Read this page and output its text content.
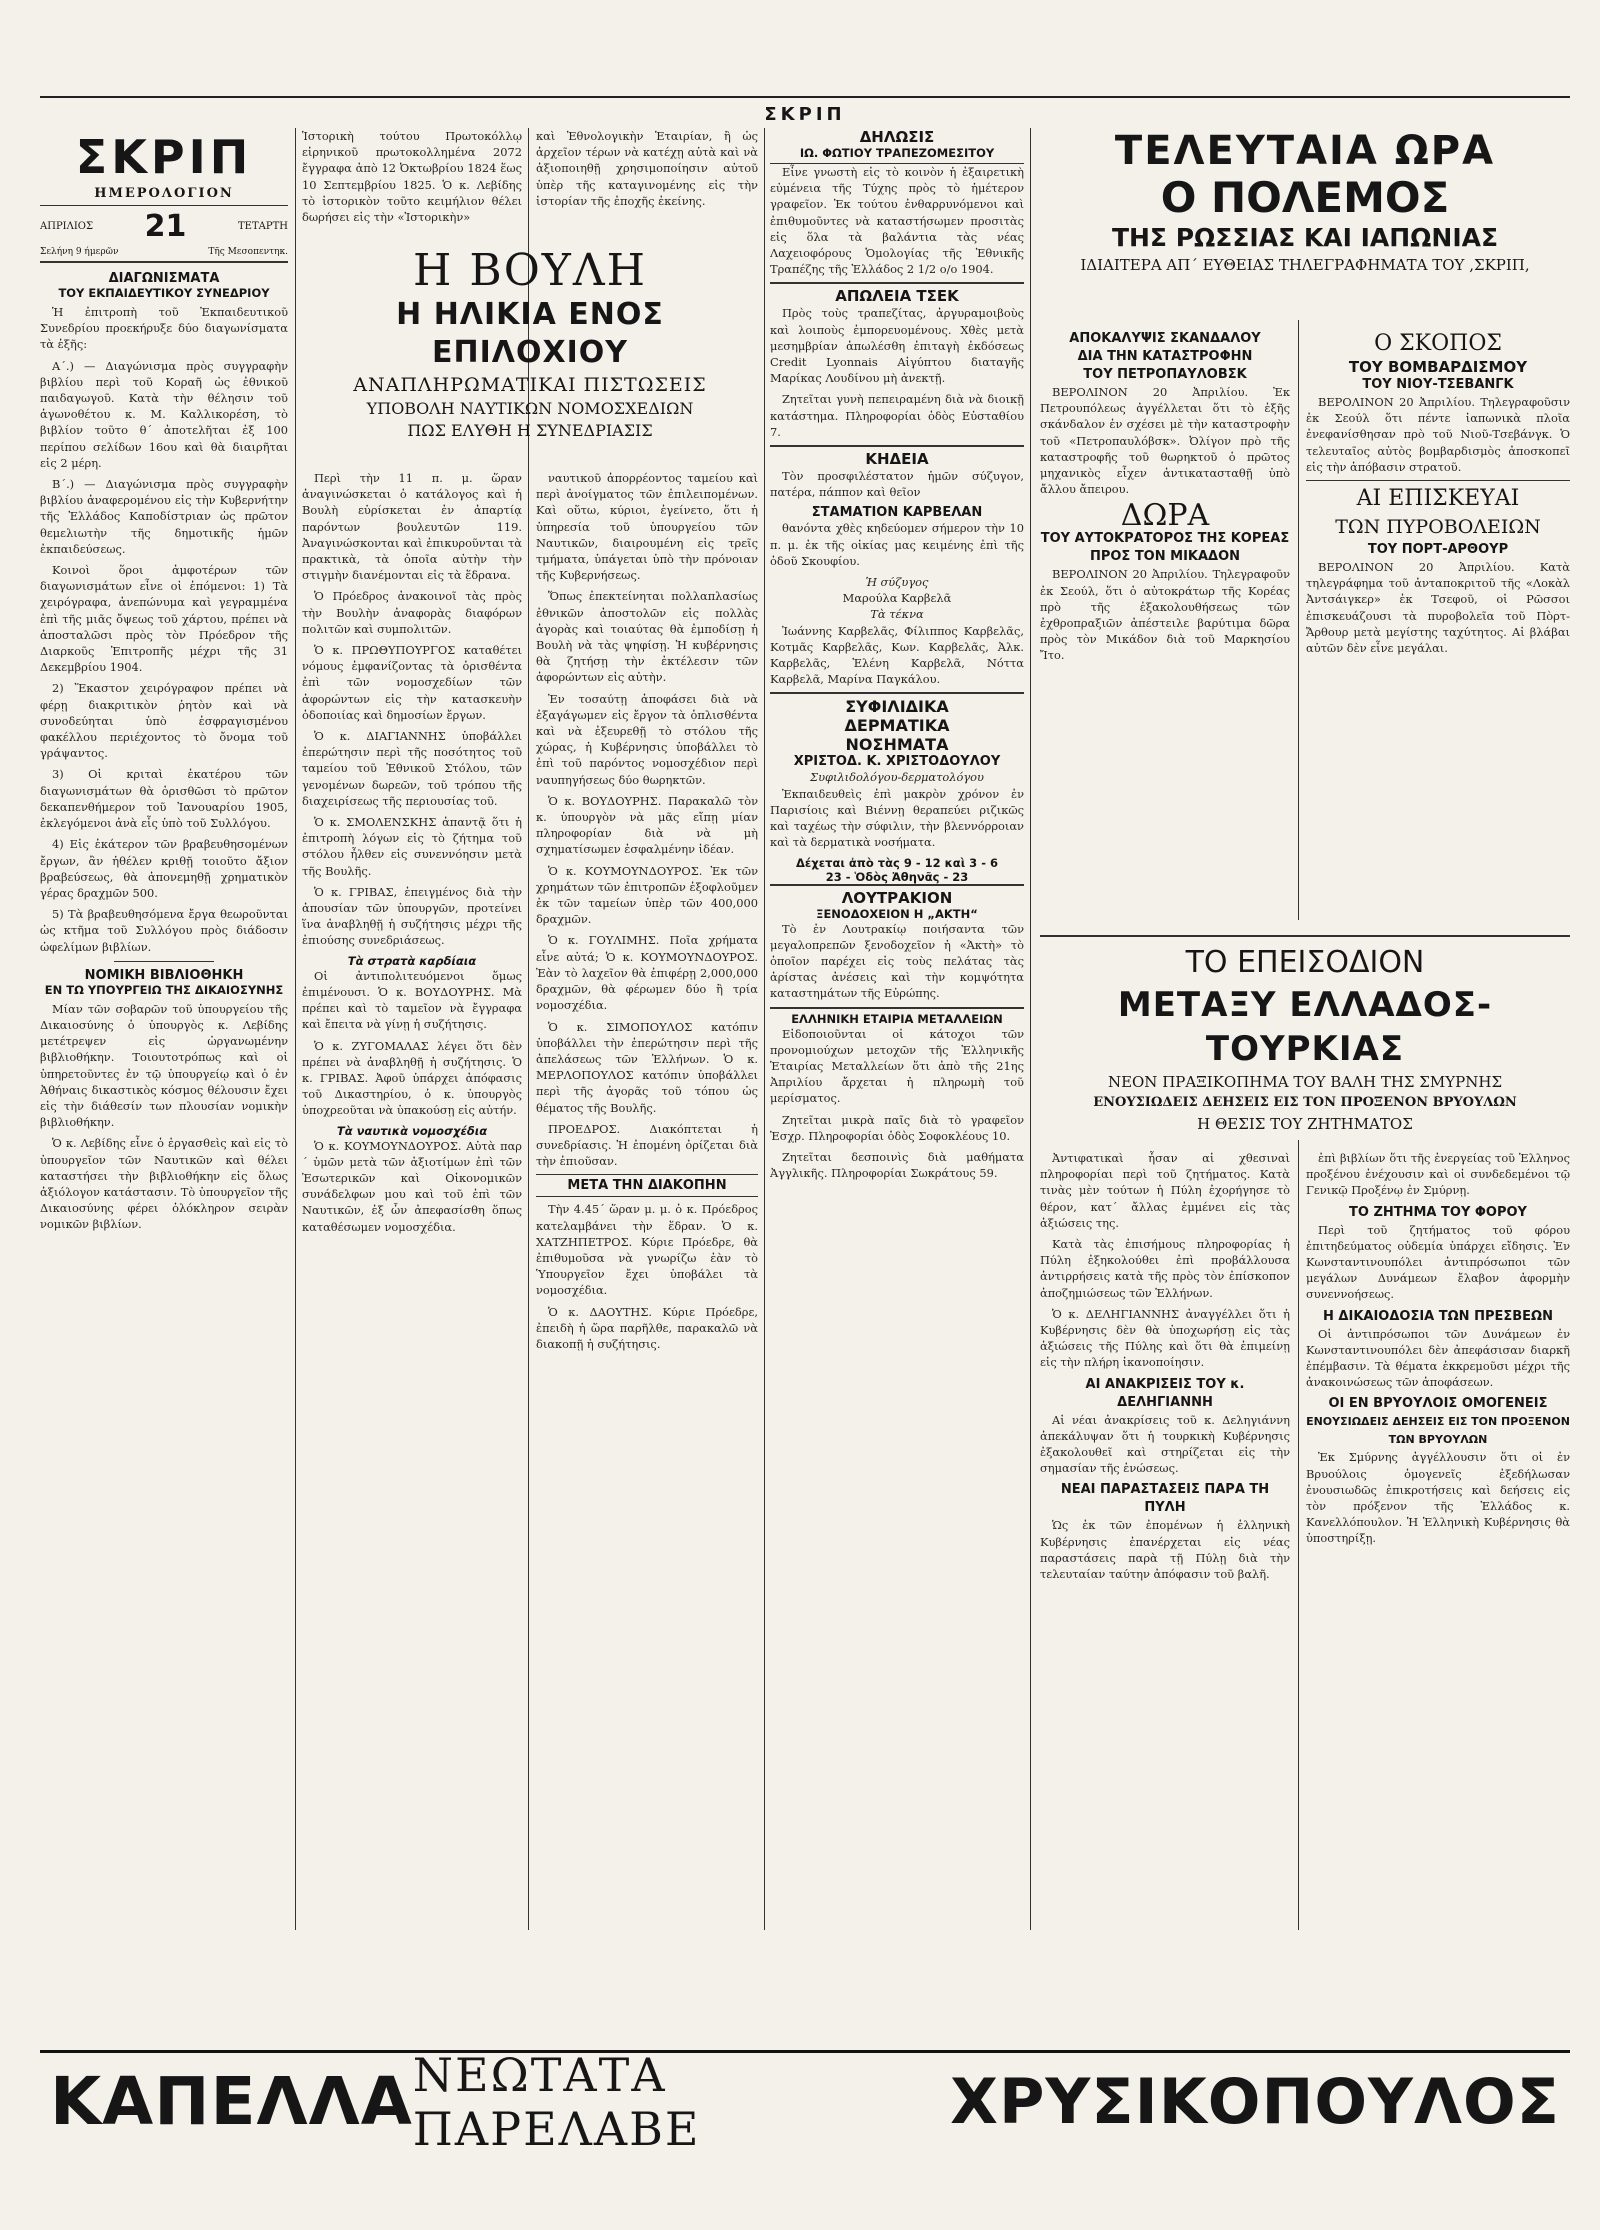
ΣΚΡΙΠ
ΣΚΡΙΠ
ΗΜΕΡΟΛΟΓΙΟΝ
ΑΠΡΙΛΙΟΣ 21	ΤΕΤΑΡΤΗ
Σελήνη 9 ήμερῶν	Τῆς Μεσοπεντηκ.
ΔΙΑΓΩΝΙΣΜΑΤΑ
ΤΟΥ ΕΚΠΑΙΔΕΥΤΙΚΟΥ ΣΥΝΕΔΡΙΟΥ

Ἡ ἐπιτροπὴ τοῦ Ἐκπαιδευτικοῦ Συνεδρίου προεκήρυξε δύο διαγωνίσματα τὰ ἑξῆς:

Α´.) — Διαγώνισμα πρὸς συγγραφὴν βιβλίου περὶ τοῦ Κοραῆ ὡς ἐθνικοῦ παιδαγωγοῦ. Κατὰ τὴν θέλησιν τοῦ ἀγωνοθέτου κ. Μ. Καλλικορέση, τὸ βιβλίον τοῦτο θ´ ἀποτελῆται ἐξ 100 περίπου σελίδων 16ου καὶ θὰ διαιρῆται εἰς 2 μέρη.

Β´.) — Διαγώνισμα πρὸς συγγραφὴν βιβλίου ἀναφερομένου εἰς τὴν Κυβερνήτην τῆς Ἑλλάδος Καποδίστριαν ὡς πρῶτον θεμελιωτὴν τῆς δημοτικῆς ἡμῶν ἐκπαιδεύσεως.

Κοινοὶ ὅροι ἀμφοτέρων τῶν διαγωνισμάτων εἶνε οἱ ἑπόμενοι: 1) Τὰ χειρόγραφα, ἀνεπώνυμα καὶ γεγραμμένα ἐπὶ τῆς μιᾶς ὄψεως τοῦ χάρτου, πρέπει νὰ ἀποσταλῶσι πρὸς τὸν Πρόεδρον τῆς Διαρκοῦς Ἐπιτροπῆς μέχρι τῆς 31 Δεκεμβρίου 1904.

2) Ἕκαστον χειρόγραφον πρέπει νὰ φέρῃ διακριτικὸν ῥητὸν καὶ νὰ συνοδεύηται ὑπὸ ἐσφραγισμένου φακέλλου περιέχοντος τὸ ὄνομα τοῦ γράψαντος.

3) Οἱ κριταὶ ἑκατέρου τῶν διαγωνισμάτων θὰ ὁρισθῶσι τὸ πρῶτον δεκαπενθήμερον τοῦ Ἰανουαρίου 1905, ἐκλεγόμενοι ἀνὰ εἷς ὑπὸ τοῦ Συλλόγου.

4) Εἰς ἑκάτερον τῶν βραβευθησομένων ἔργων, ἂν ἠθέλεν κριθῇ τοιοῦτο ἄξιον βραβεύσεως, θὰ ἀπονεμηθῇ χρηματικὸν γέρας δραχμῶν 500.

5) Τὰ βραβευθησόμενα ἔργα θεωροῦνται ὡς κτῆμα τοῦ Συλλόγου πρὸς διάδοσιν ὠφελίμων βιβλίων.

ΝΟΜΙΚΗ ΒΙΒΛΙΟΘΗΚΗ
ΕΝ ΤΩ ΥΠΟΥΡΓΕΙΩ ΤΗΣ ΔΙΚΑΙΟΣΥΝΗΣ

Μίαν τῶν σοβαρῶν τοῦ ὑπουργείου τῆς Δικαιοσύνης ὁ ὑπουργὸς κ. Λεβίδης μετέτρεψεν εἰς ὠργανωμένην βιβλιοθήκην. Τοιουτοτρόπως καὶ οἱ ὑπηρετοῦντες ἐν τῷ ὑπουργείῳ καὶ ὁ ἐν Ἀθήναις δικαστικὸς κόσμος θέλουσιν ἔχει εἰς τὴν διάθεσίν των πλουσίαν νομικὴν βιβλιοθήκην.

Ὁ κ. Λεβίδης εἶνε ὁ ἐργασθεὶς καὶ εἰς τὸ ὑπουργεῖον τῶν Ναυτικῶν καὶ θέλει καταστήσει τὴν βιβλιοθήκην εἰς ὅλως ἀξιόλογον κατάστασιν. Τὸ ὑπουργεῖον τῆς Δικαιοσύνης φέρει ὁλόκληρον σειρὰν νομικῶν βιβλίων.

Ἱστορικὴ τούτου Πρωτοκόλλῳ εἰρηνικοῦ πρωτοκολλημένα 2072 ἔγγραφα ἀπὸ 12 Ὀκτωβρίου 1824 ἕως 10 Σεπτεμβρίου 1825. Ὁ κ. Λεβίδης τὸ ἱστορικὸν τοῦτο κειμήλιον θέλει δωρήσει εἰς τὴν «Ἱστορικὴν»
καὶ Ἐθνολογικὴν Ἑταιρίαν, ἢ ὡς ἀρχεῖον τέρων νὰ κατέχῃ αὐτὰ καὶ νὰ ἀξιοποιηθῇ χρησιμοποίησιν αὐτοῦ ὑπὲρ τῆς καταγινομένης εἰς τὴν ἱστορίαν τῆς ἐποχῆς ἐκείνης.
Η ΒΟΥΛΗ
Η ΗΛΙΚΙΑ ΕΝΟΣ ΕΠΙΛΟΧΙΟΥ
ΑΝΑΠΛΗΡΩΜΑΤΙΚΑΙ ΠΙΣΤΩΣΕΙΣ
ΥΠΟΒΟΛΗ ΝΑΥΤΙΚΩΝ ΝΟΜΟΣΧΕΔΙΩΝ
ΠΩΣ ΕΛΥΘΗ Η ΣΥΝΕΔΡΙΑΣΙΣ

Περὶ τὴν 11 π. μ. ὥραν ἀναγινώσκεται ὁ κατάλογος καὶ ἡ Βουλὴ εὑρίσκεται ἐν ἀπαρτίᾳ παρόντων βουλευτῶν 119. Ἀναγινώσκονται καὶ ἐπικυροῦνται τὰ πρακτικὰ, τὰ ὁποῖα αὐτὴν τὴν στιγμὴν διανέμονται εἰς τὰ ἕδρανα.

Ὁ Πρόεδρος ἀνακοινοῖ τὰς πρὸς τὴν Βουλὴν ἀναφορὰς διαφόρων πολιτῶν καὶ συμπολιτῶν.

Ὁ κ. ΠΡΩΘΥΠΟΥΡΓΟΣ καταθέτει νόμους ἐμφανίζοντας τὰ ὁρισθέντα ἐπὶ τῶν νομοσχεδίων τῶν ἀφορώντων εἰς τὴν κατασκευὴν ὁδοποιίας καὶ δημοσίων ἔργων.

Ὁ κ. ΔΙΑΓΙΑΝΝΗΣ ὑποβάλλει ἐπερώτησιν περὶ τῆς ποσότητος τοῦ ταμείου τοῦ Ἐθνικοῦ Στόλου, τῶν γενομένων δωρεῶν, τοῦ τρόπου τῆς διαχειρίσεως τῆς περιουσίας τοῦ.

Ὁ κ. ΣΜΟΛΕΝΣΚΗΣ ἀπαντᾷ ὅτι ἡ ἐπιτροπὴ λόγων εἰς τὸ ζήτημα τοῦ στόλου ἦλθεν εἰς συνεννόησιν μετὰ τῆς Βουλῆς.

Ὁ κ. ΓΡΙΒΑΣ, ἐπειγμένος διὰ τὴν ἀπουσίαν τῶν ὑπουργῶν, προτείνει ἵνα ἀναβληθῇ ἡ συζήτησις μέχρι τῆς ἐπιούσης συνεδριάσεως.

Τὰ στρατὰ καρδίαια

Οἱ ἀντιπολιτευόμενοι ὅμως ἐπιμένουσι. Ὁ κ. ΒΟΥΔΟΥΡΗΣ. Μὰ πρέπει καὶ τὸ ταμεῖον νὰ ἔγγραφα καὶ ἔπειτα νὰ γίνῃ ἡ συζήτησις.

Ὁ κ. ΖΥΓΟΜΑΛΑΣ λέγει ὅτι δὲν πρέπει νὰ ἀναβληθῇ ἡ συζήτησις. Ὁ κ. ΓΡΙΒΑΣ. Ἀφοῦ ὑπάρχει ἀπόφασις τοῦ Δικαστηρίου, ὁ κ. ὑπουργὸς ὑποχρεοῦται νὰ ὑπακούσῃ εἰς αὐτήν.

Τὰ ναυτικὰ νομοσχέδια

Ὁ κ. ΚΟΥΜΟΥΝΔΟΥΡΟΣ. Αὐτὰ παρ´ ὑμῶν μετὰ τῶν ἀξιοτίμων ἐπὶ τῶν Ἐσωτερικῶν καὶ Οἰκονομικῶν συνάδελφων μου καὶ τοῦ ἐπὶ τῶν Ναυτικῶν, ἐξ ὧν ἀπεφασίσθη ὅπως καταθέσωμεν νομοσχέδια.

ναυτικοῦ ἀπορρέοντος ταμείου καὶ περὶ ἀνοίγματος τῶν ἐπιλειπομένων. Καὶ οὕτω, κύριοι, ἐγείνετο, ὅτι ἡ ὑπηρεσία τοῦ ὑπουργείου τῶν Ναυτικῶν, διαιρουμένη εἰς τρεῖς τμήματα, ὑπάγεται ὑπὸ τὴν πρόνοιαν τῆς Κυβερνήσεως.

Ὅπως ἐπεκτείνηται πολλαπλασίως ἐθνικῶν ἀποστολῶν εἰς πολλὰς ἀγορὰς καὶ τοιαύτας θὰ ἐμποδίσῃ ἡ Βουλὴ νὰ τὰς ψηφίσῃ. Ἡ κυβέρνησις θὰ ζητήσῃ τὴν ἐκτέλεσιν τῶν ἀφορώντων εἰς αὐτὴν.

Ἐν τοσαύτῃ ἀποφάσει διὰ νὰ ἐξαγάγωμεν εἰς ἔργον τὰ ὁπλισθέντα καὶ νὰ ἐξευρεθῇ τὸ στόλου τῆς χώρας, ἡ Κυβέρνησις ὑποβάλλει τὸ ἐπὶ τοῦ παρόντος νομοσχέδιον περὶ ναυπηγήσεως δύο θωρηκτῶν.

Ὁ κ. ΒΟΥΔΟΥΡΗΣ. Παρακαλῶ τὸν κ. ὑπουργὸν νὰ μᾶς εἴπῃ μίαν πληροφορίαν διὰ νὰ μὴ σχηματίσωμεν ἐσφαλμένην ἰδέαν.

Ὁ κ. ΚΟΥΜΟΥΝΔΟΥΡΟΣ. Ἐκ τῶν χρημάτων τῶν ἐπιτροπῶν ἐξοφλοῦμεν ἐκ τῶν ταμείων ὑπὲρ τῶν 400,000 δραχμῶν.

Ὁ κ. ΓΟΥΛΙΜΗΣ. Ποῖα χρήματα εἶνε αὐτά; Ὁ κ. ΚΟΥΜΟΥΝΔΟΥΡΟΣ. Ἐὰν τὸ λαχεῖον θὰ ἐπιφέρῃ 2,000,000 δραχμῶν, θὰ φέρωμεν δύο ἢ τρία νομοσχέδια.

Ὁ κ. ΣΙΜΟΠΟΥΛΟΣ κατόπιν ὑποβάλλει τὴν ἐπερώτησιν περὶ τῆς ἀπελάσεως τῶν Ἑλλήνων. Ὁ κ. ΜΕΡΛΟΠΟΥΛΟΣ κατόπιν ὑποβάλλει περὶ τῆς ἀγορᾶς τοῦ τόπου ὡς θέματος τῆς Βουλῆς.

ΠΡΟΕΔΡΟΣ. Διακόπτεται ἡ συνεδρίασις. Ἡ ἐπομένη ὀρίζεται διὰ τὴν ἐπιοῦσαν.

ΜΕΤΑ ΤΗΝ ΔΙΑΚΟΠΗΝ

Τὴν 4.45´ ὥραν μ. μ. ὁ κ. Πρόεδρος κατελαμβάνει τὴν ἕδραν. Ὁ κ. ΧΑΤΖΗΠΕΤΡΟΣ. Κύριε Πρόεδρε, θὰ ἐπιθυμοῦσα νὰ γνωρίζω ἐὰν τὸ Ὑπουργεῖον ἔχει ὑποβάλει τὰ νομοσχέδια.

Ὁ κ. ΔΑΟΥΤΗΣ. Κύριε Πρόεδρε, ἐπειδὴ ἡ ὥρα παρῆλθε, παρακαλῶ νὰ διακοπῇ ἡ συζήτησις.

ΔΗΛΩΣΙΣ
ΙΩ. ΦΩΤΙΟΥ ΤΡΑΠΕΖΟΜΕΣΙΤΟΥ

Εἶνε γνωστὴ εἰς τὸ κοινὸν ἡ ἐξαιρετικὴ εὐμένεια τῆς Τύχης πρὸς τὸ ἡμέτερον γραφεῖον. Ἐκ τούτου ἐνθαρρυνόμενοι καὶ ἐπιθυμοῦντες νὰ καταστήσωμεν προσιτὰς εἰς ὅλα τὰ βαλάντια τὰς νέας Λαχειοφόρους Ὁμολογίας τῆς Ἐθνικῆς Τραπέζης τῆς Ἑλλάδος 2 1/2 ο/ο 1904.

ΑΠΩΛΕΙΑ ΤΣΕΚ

Πρὸς τοὺς τραπεζίτας, ἀργυραμοιβοὺς καὶ λοιποὺς ἐμπορευομένους. Χθὲς μετὰ μεσημβρίαν ἀπωλέσθη ἐπιταγὴ ἐκδόσεως Credit Lyonnais Αἰγύπτου διαταγῆς Μαρίκας Λουδίνου μὴ ἀνεκτῇ.

Ζητεῖται γυνὴ πεπειραμένη διὰ νὰ διοικῇ κατάστημα. Πληροφορίαι ὁδὸς Εὐσταθίου 7.

ΚΗΔΕΙΑ

Τὸν προσφιλέστατον ἡμῶν σύζυγον, πατέρα, πάππον καὶ θεῖον

ΣΤΑΜΑΤΙΟΝ ΚΑΡΒΕΛΑΝ

θανόντα χθὲς κηδεύομεν σήμερον τὴν 10 π. μ. ἐκ τῆς οἰκίας μας κειμένης ἐπὶ τῆς ὁδοῦ Σκουφίου.

Ἡ σύζυγος
Μαρούλα Καρβελᾶ
Τὰ τέκνα

Ἰωάννης Καρβελᾶς, Φίλιππος Καρβελᾶς, Κοτμᾶς Καρβελᾶς, Κων. Καρβελᾶς, Ἀλκ. Καρβελᾶς, Ἐλένη Καρβελᾶ, Νόττα Καρβελᾶ, Μαρίνα Παγκάλου.

ΣΥΦΙΛΙΔΙΚΑ
ΔΕΡΜΑΤΙΚΑ
ΝΟΣΗΜΑΤΑ
ΧΡΙΣΤΟΔ. Κ. ΧΡΙΣΤΟΔΟΥΛΟΥ
Συφιλιδολόγου-δερματολόγου

Ἐκπαιδευθεὶς ἐπὶ μακρὸν χρόνον ἐν Παρισίοις καὶ Βιέννῃ θεραπεύει ριζικῶς καὶ ταχέως τὴν σύφιλιν, τὴν βλεννόρροιαν καὶ τὰ δερματικὰ νοσήματα.

Δέχεται ἀπὸ τὰς 9 - 12 καὶ 3 - 6
23 - Ὁδὸς Ἀθηνᾶς - 23
ΛΟΥΤΡΑΚΙΟΝ
ΞΕΝΟΔΟΧΕΙΟΝ Η „ΑΚΤΗ“

Τὸ ἐν Λουτρακίῳ ποιήσαντα τῶν μεγαλοπρεπῶν ξενοδοχεῖον ἡ «Ἀκτὴ» τὸ ὁποῖον παρέχει εἰς τοὺς πελάτας τὰς ἀρίστας ἀνέσεις καὶ τὴν κομψότητα καταστημάτων τῆς Εὐρώπης.

ΕΛΛΗΝΙΚΗ ΕΤΑΙΡΙΑ ΜΕΤΑΛΛΕΙΩΝ

Εἰδοποιοῦνται οἱ κάτοχοι τῶν προνομιούχων μετοχῶν τῆς Ἑλληνικῆς Ἑταιρίας Μεταλλείων ὅτι ἀπὸ τῆς 21ης Ἀπριλίου ἄρχεται ἡ πληρωμὴ τοῦ μερίσματος.

Ζητεῖται μικρὰ παῖς διὰ τὸ γραφεῖον Ἐσχρ. Πληροφορίαι ὁδὸς Σοφοκλέους 10.

Ζητεῖται δεσποινὶς διὰ μαθήματα Ἀγγλικῆς. Πληροφορίαι Σωκράτους 59.

ΤΕΛΕΥΤΑΙΑ ΩΡΑ
Ο ΠΟΛΕΜΟΣ
ΤΗΣ ΡΩΣΣΙΑΣ ΚΑΙ ΙΑΠΩΝΙΑΣ
ΙΔΙΑΙΤΕΡΑ ΑΠ´ ΕΥΘΕΙΑΣ ΤΗΛΕΓΡΑΦΗΜΑΤΑ ΤΟΥ ,ΣΚΡΙΠ,
ΑΠΟΚΑΛΥΨΙΣ ΣΚΑΝΔΑΛΟΥ
ΔΙΑ ΤΗΝ ΚΑΤΑΣΤΡΟΦΗΝ
ΤΟΥ ΠΕΤΡΟΠΑΥΛΟΒΣΚ

ΒΕΡΟΛΙΝΟΝ 20 Ἀπριλίου. Ἐκ Πετρουπόλεως ἀγγέλλεται ὅτι τὸ ἐξῆς σκάνδαλον ἐν σχέσει μὲ τὴν καταστροφὴν τοῦ «Πετροπαυλόβσκ». Ὀλίγον πρὸ τῆς καταστροφῆς τοῦ θωρηκτοῦ ὁ πρῶτος μηχανικὸς εἶχεν ἀντικατασταθῇ ὑπὸ ἄλλου ἄπειρου.

ΔΩΡΑ
ΤΟΥ ΑΥΤΟΚΡΑΤΟΡΟΣ ΤΗΣ ΚΟΡΕΑΣ
ΠΡΟΣ ΤΟΝ ΜΙΚΑΔΟΝ

ΒΕΡΟΛΙΝΟΝ 20 Ἀπριλίου. Τηλεγραφοῦν ἐκ Σεούλ, ὅτι ὁ αὐτοκράτωρ τῆς Κορέας πρὸ τῆς ἐξακολουθήσεως τῶν ἐχθροπραξιῶν ἀπέστειλε βαρύτιμα δῶρα πρὸς τὸν Μικάδον διὰ τοῦ Μαρκησίου Ἴτο.

Ο ΣΚΟΠΟΣ
ΤΟΥ ΒΟΜΒΑΡΔΙΣΜΟΥ
ΤΟΥ ΝΙΟΥ-ΤΣΕΒΑΝΓΚ

ΒΕΡΟΛΙΝΟΝ 20 Ἀπριλίου. Τηλεγραφοῦσιν ἐκ Σεούλ ὅτι πέντε ἰαπωνικὰ πλοῖα ἐνεφανίσθησαν πρὸ τοῦ Νιοῦ-Τσεβάνγκ. Ὁ τελευταῖος αὐτὸς βομβαρδισμὸς ἀποσκοπεῖ εἰς τὴν ἀπόβασιν στρατοῦ.

ΑΙ ΕΠΙΣΚΕΥΑΙ
ΤΩΝ ΠΥΡΟΒΟΛΕΙΩΝ
ΤΟΥ ΠΟΡΤ-ΑΡΘΟΥΡ

ΒΕΡΟΛΙΝΟΝ 20 Ἀπριλίου. Κατὰ τηλεγράφημα τοῦ ἀνταποκριτοῦ τῆς «Λοκὰλ Ἀντσάιγκερ» ἐκ Τσεφοῦ, οἱ Ρῶσσοι ἐπισκευάζουσι τὰ πυροβολεῖα τοῦ Πὸρτ-Ἄρθουρ μετὰ μεγίστης ταχύτητος. Αἱ βλάβαι αὐτῶν δὲν εἶνε μεγάλαι.

ΤΟ ΕΠΕΙΣΟΔΙΟΝ
ΜΕΤΑΞΥ ΕΛΛΑΔΟΣ-ΤΟΥΡΚΙΑΣ
ΝΕΟΝ ΠΡΑΞΙΚΟΠΗΜΑ ΤΟΥ ΒΑΛΗ ΤΗΣ ΣΜΥΡΝΗΣ
ΕΝΟΥΣΙΩΔΕΙΣ ΔΕΗΣΕΙΣ ΕΙΣ ΤΟΝ ΠΡΟΞΕΝΟΝ ΒΡΥΟΥΛΩΝ
Η ΘΕΣΙΣ ΤΟΥ ΖΗΤΗΜΑΤΟΣ

Ἀντιφατικαὶ ἦσαν αἱ χθεσιναὶ πληροφορίαι περὶ τοῦ ζητήματος. Κατὰ τινὰς μὲν τούτων ἡ Πύλη ἐχορήγησε τὸ θέρον, κατ´ ἄλλας ἐμμένει εἰς τὰς ἀξιώσεις της.

Κατὰ τὰς ἐπισήμους πληροφορίας ἡ Πύλη ἐξηκολούθει ἐπὶ προβάλλουσα ἀντιρρήσεις κατὰ τῆς πρὸς τὸν ἐπίσκοπον ἀποζημιώσεως τῶν Ἑλλήνων.

Ὁ κ. ΔΕΛΗΓΙΑΝΝΗΣ ἀναγγέλλει ὅτι ἡ Κυβέρνησις δὲν θὰ ὑποχωρήσῃ εἰς τὰς ἀξιώσεις τῆς Πύλης καὶ ὅτι θὰ ἐπιμείνῃ εἰς τὴν πλήρη ἱκανοποίησιν.

ΑΙ ΑΝΑΚΡΙΣΕΙΣ ΤΟΥ κ. ΔΕΛΗΓΙΑΝΝΗ

Αἱ νέαι ἀνακρίσεις τοῦ κ. Δεληγιάννη ἀπεκάλυψαν ὅτι ἡ τουρκικὴ Κυβέρνησις ἐξακολουθεῖ καὶ στηρίζεται εἰς τὴν σημασίαν τῆς ἑνώσεως.

ΝΕΑΙ ΠΑΡΑΣΤΑΣΕΙΣ ΠΑΡΑ ΤΗ ΠΥΛΗ

Ὡς ἐκ τῶν ἐπομένων ἡ ἑλληνικὴ Κυβέρνησις ἐπανέρχεται εἰς νέας παραστάσεις παρὰ τῇ Πύλῃ διὰ τὴν τελευταίαν ταύτην ἀπόφασιν τοῦ βαλῆ.

ἐπὶ βιβλίων ὅτι τῆς ἐνεργείας τοῦ Ἑλληνος προξένου ἐνέχουσιν καὶ οἱ συνδεδεμένοι τῷ Γενικῷ Προξένῳ ἐν Σμύρνῃ.

ΤΟ ΖΗΤΗΜΑ ΤΟΥ ΦΟΡΟΥ

Περὶ τοῦ ζητήματος τοῦ φόρου ἐπιτηδεύματος οὐδεμία ὑπάρχει εἴδησις. Ἐν Κωνσταντινουπόλει ἀντιπρόσωποι τῶν μεγάλων Δυνάμεων ἔλαβον ἀφορμὴν συνεννοήσεως.

Η ΔΙΚΑΙΟΔΟΣΙΑ ΤΩΝ ΠΡΕΣΒΕΩΝ

Οἱ ἀντιπρόσωποι τῶν Δυνάμεων ἐν Κωνσταντινουπόλει δὲν ἀπεφάσισαν διαρκῆ ἐπέμβασιν. Τὰ θέματα ἐκκρεμοῦσι μέχρι τῆς ἀνακοινώσεως τῶν ἀποφάσεων.

ΟΙ ΕΝ ΒΡΥΟΥΛΟΙΣ ΟΜΟΓΕΝΕΙΣ
ΕΝΟΥΣΙΩΔΕΙΣ ΔΕΗΣΕΙΣ ΕΙΣ ΤΟΝ ΠΡΟΞΕΝΟΝ ΤΩΝ ΒΡΥΟΥΛΩΝ

Ἐκ Σμύρνης ἀγγέλλουσιν ὅτι οἱ ἐν Βρυούλοις ὁμογενεῖς ἐξεδήλωσαν ἐνουσιωδῶς ἐπικροτήσεις καὶ δεήσεις εἰς τὸν πρόξενον τῆς Ἑλλάδος κ. Κανελλόπουλον. Ἡ Ἑλληνικὴ Κυβέρνησις θὰ ὑποστηρίξῃ.

ΚΑΠΕΛΛΑ ΝΕΩΤΑΤΑ ΠΑΡΕΛΑΒΕ	ΧΡΥΣΙΚΟΠΟΥΛΟΣ
